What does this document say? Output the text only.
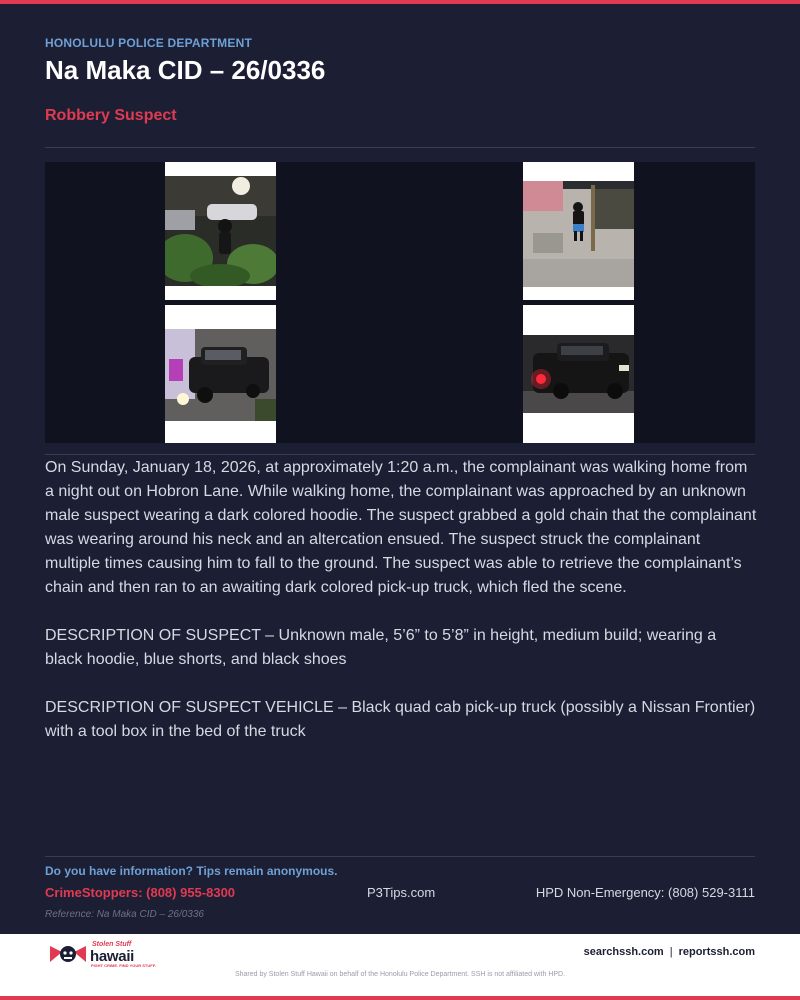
HONOLULU POLICE DEPARTMENT
Na Maka CID – 26/0336
Robbery Suspect

On Sunday, January 18, 2026, at approximately 1:20 a.m., the complainant was walking home from a night out on Hobron Lane. While walking home, the complainant was approached by an unknown male suspect wearing a dark colored hoodie. The suspect grabbed a gold chain that the complainant was wearing around his neck and an altercation ensued. The suspect struck the complainant multiple times causing him to fall to the ground. The suspect was able to retrieve the complainant’s chain and then ran to an awaiting dark colored pick-up truck, which fled the scene.

DESCRIPTION OF SUSPECT – Unknown male, 5’6” to 5’8” in height, medium build; wearing a black hoodie, blue shorts, and black shoes

DESCRIPTION OF SUSPECT VEHICLE – Black quad cab pick-up truck (possibly a Nissan Frontier) with a tool box in the bed of the truck

Do you have information? Tips remain anonymous.
CrimeStoppers: (808) 955-8300	P3Tips.com	HPD Non-Emergency: (808) 529-3111
Reference: Na Maka CID – 26/0336
Stolen Stuff
hawaii
FIGHT CRIME. FIND YOUR STUFF.
searchssh.com | reportssh.com
Shared by Stolen Stuff Hawaii on behalf of the Honolulu Police Department. SSH is not affiliated with HPD.
